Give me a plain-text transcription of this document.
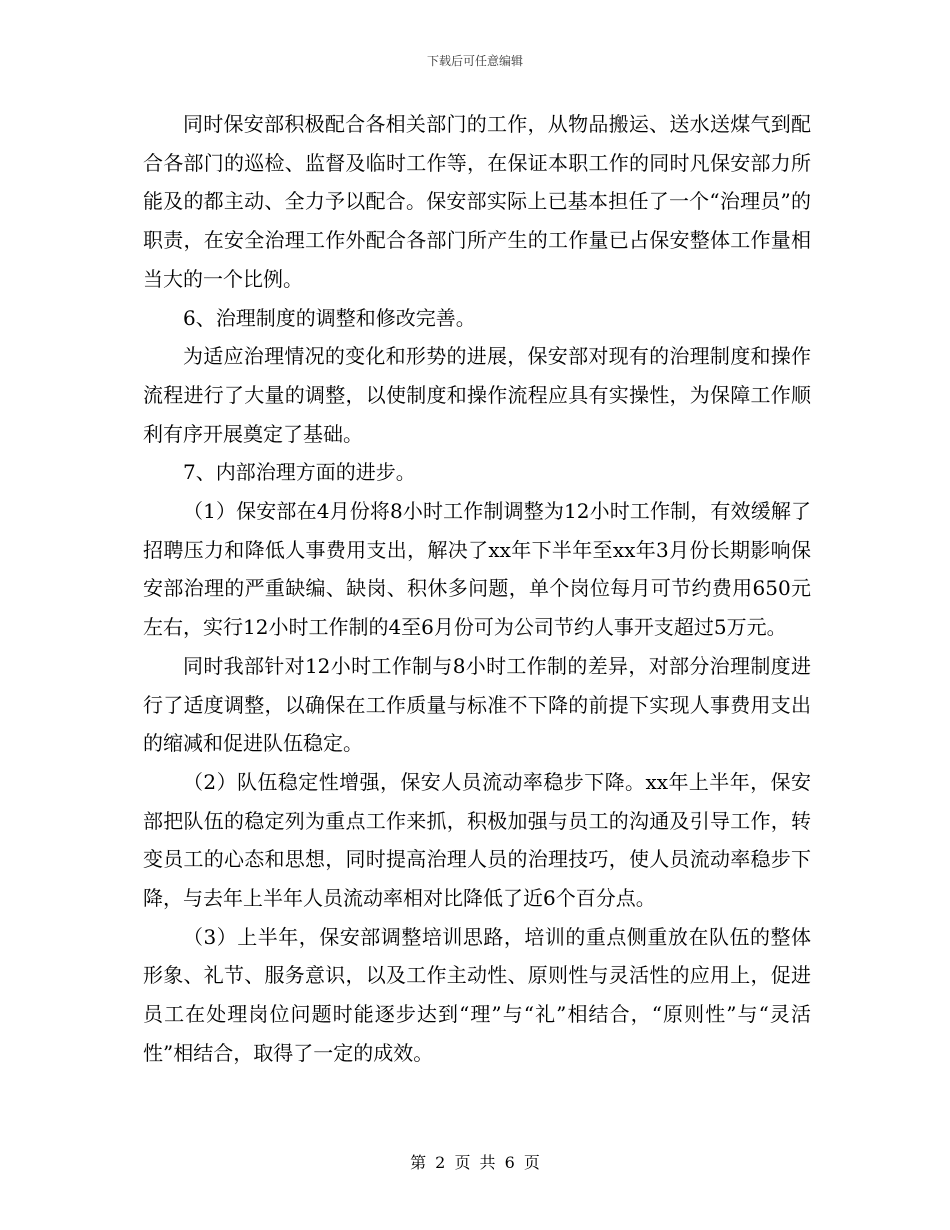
下载后可任意编辑

同时保安部积极配合各相关部门的工作，从物品搬运、送水送煤气到配合各部门的巡检、监督及临时工作等，在保证本职工作的同时凡保安部力所能及的都主动、全力予以配合。保安部实际上已基本担任了一个“治理员”的职责，在安全治理工作外配合各部门所产生的工作量已占保安整体工作量相当大的一个比例。

6、治理制度的调整和修改完善。

为适应治理情况的变化和形势的进展，保安部对现有的治理制度和操作流程进行了大量的调整，以使制度和操作流程应具有实操性，为保障工作顺利有序开展奠定了基础。

7、内部治理方面的进步。

（1）保安部在4月份将8小时工作制调整为12小时工作制，有效缓解了招聘压力和降低人事费用支出，解决了xx年下半年至xx年3月份长期影响保安部治理的严重缺编、缺岗、积休多问题，单个岗位每月可节约费用650元左右，实行12小时工作制的4至6月份可为公司节约人事开支超过5万元。

同时我部针对12小时工作制与8小时工作制的差异，对部分治理制度进行了适度调整，以确保在工作质量与标准不下降的前提下实现人事费用支出的缩减和促进队伍稳定。

（2）队伍稳定性增强，保安人员流动率稳步下降。xx年上半年，保安部把队伍的稳定列为重点工作来抓，积极加强与员工的沟通及引导工作，转变员工的心态和思想，同时提高治理人员的治理技巧，使人员流动率稳步下降，与去年上半年人员流动率相对比降低了近6个百分点。

（3）上半年，保安部调整培训思路，培训的重点侧重放在队伍的整体形象、礼节、服务意识，以及工作主动性、原则性与灵活性的应用上，促进员工在处理岗位问题时能逐步达到“理”与“礼”相结合，“原则性”与“灵活性”相结合，取得了一定的成效。

第 2 页 共 6 页
